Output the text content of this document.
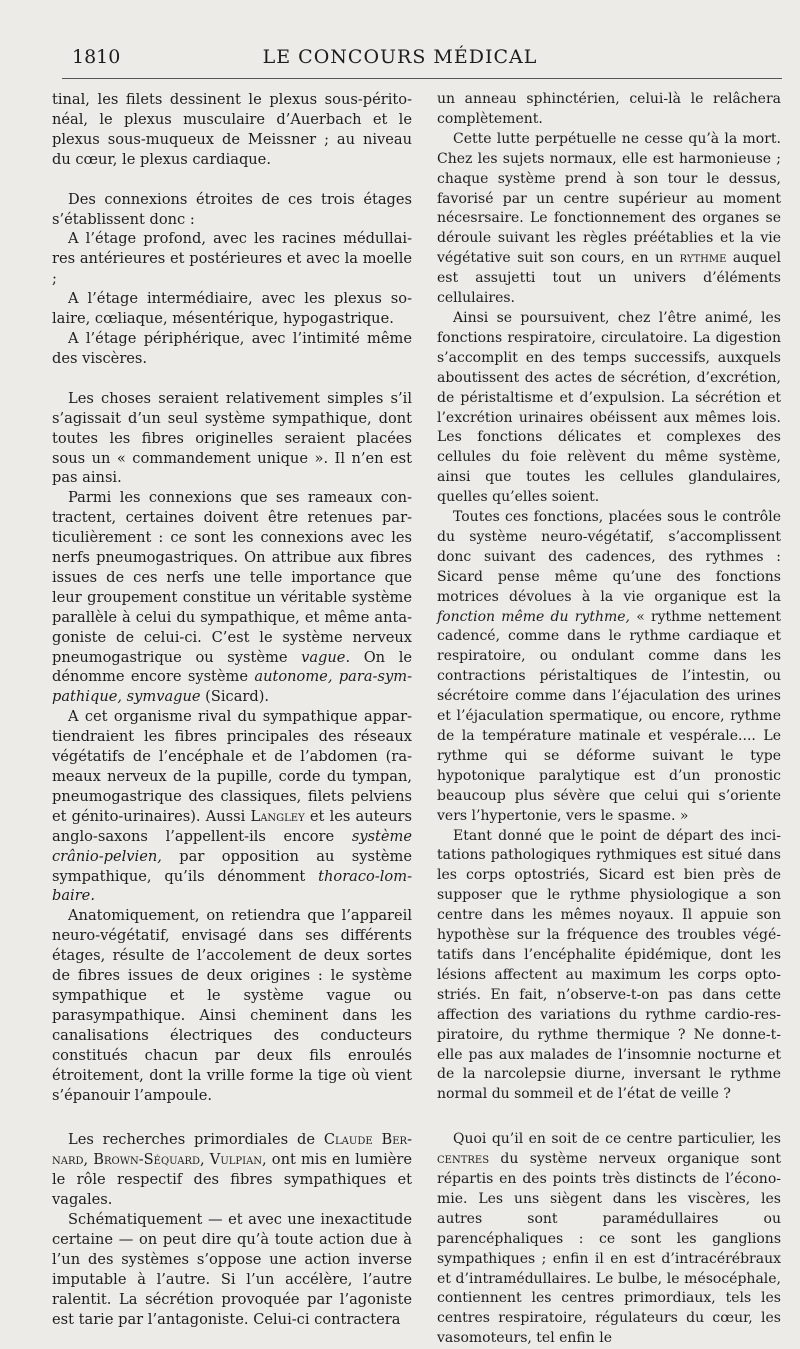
1810	LE CONCOURS MÉDICAL

tinal, les filets dessinent le plexus sous-péritonéal, le plexus musculaire d’Auerbach et le plexus sous-muqueux de Meissner ; au niveau du cœur, le plexus cardiaque.

Des connexions étroites de ces trois étages s’établissent donc :

A l’étage profond, avec les racines médullaires antérieures et postérieures et avec la moelle ;

A l’étage intermédiaire, avec les plexus solaire, cœliaque, mésentérique, hypogastrique.

A l’étage périphérique, avec l’intimité même des viscères.

Les choses seraient relativement simples s’il s’agissait d’un seul système sympathique, dont toutes les fibres originelles seraient placées sous un « commandement unique ». Il n’en est pas ainsi.

Parmi les connexions que ses rameaux contractent, certaines doivent être retenues particulièrement : ce sont les connexions avec les nerfs pneumogastriques. On attribue aux fibres issues de ces nerfs une telle importance que leur groupement constitue un véritable système parallèle à celui du sympathique, et même antagoniste de celui-ci. C’est le système nerveux pneumogastrique ou système vague. On le dénomme encore système autonome, para-sympathique, symvague (Sicard).

A cet organisme rival du sympathique appartiendraient les fibres principales des réseaux végétatifs de l’encéphale et de l’abdomen (rameaux nerveux de la pupille, corde du tympan, pneumogastrique des classiques, filets pelviens et génito-urinaires). Aussi Langley et les auteurs anglo-saxons l’appellent-ils encore système crânio-pelvien, par opposition au système sympathique, qu’ils dénomment thoraco-lombaire.

Anatomiquement, on retiendra que l’appareil neuro-végétatif, envisagé dans ses différents étages, résulte de l’accolement de deux sortes de fibres issues de deux origines : le système sympathique et le système vague ou parasympathique. Ainsi cheminent dans les canalisations électriques des conducteurs constitués chacun par deux fils enroulés étroitement, dont la vrille forme la tige où vient s’épanouir l’ampoule.

Les recherches primordiales de Claude Bernard, Brown-Séquard, Vulpian, ont mis en lumière le rôle respectif des fibres sympathiques et vagales.

Schématiquement — et avec une inexactitude certaine — on peut dire qu’à toute action due à l’un des systèmes s’oppose une action inverse imputable à l’autre. Si l’un accélère, l’autre ralentit. La sécrétion provoquée par l’agoniste est tarie par l’antagoniste. Celui-ci contractera

un anneau sphinctérien, celui-là le relâchera complètement.

Cette lutte perpétuelle ne cesse qu’à la mort. Chez les sujets normaux, elle est harmonieuse ; chaque système prend à son tour le dessus, favorisé par un centre supérieur au moment nécesrsaire. Le fonctionnement des organes se déroule suivant les règles préétablies et la vie végétative suit son cours, en un rythme auquel est assujetti tout un univers d’éléments cellulaires.

Ainsi se poursuivent, chez l’être animé, les fonctions respiratoire, circulatoire. La digestion s’accomplit en des temps successifs, auxquels aboutissent des actes de sécrétion, d’excrétion, de péristaltisme et d’expulsion. La sécrétion et l’excrétion urinaires obéissent aux mêmes lois. Les fonctions délicates et complexes des cellules du foie relèvent du même système, ainsi que toutes les cellules glandulaires, quelles qu’elles soient.

Toutes ces fonctions, placées sous le contrôle du système neuro-végétatif, s’accomplissent donc suivant des cadences, des rythmes : Sicard pense même qu’une des fonctions motrices dévolues à la vie organique est la fonction même du rythme, « rythme nettement cadencé, comme dans le rythme cardiaque et respiratoire, ou ondulant comme dans les contractions péristaltiques de l’intestin, ou sécrétoire comme dans l’éjaculation des urines et l’éjaculation spermatique, ou encore, rythme de la température matinale et vespérale.... Le rythme qui se déforme suivant le type hypotonique paralytique est d’un pronostic beaucoup plus sévère que celui qui s’oriente vers l’hypertonie, vers le spasme. »

Etant donné que le point de départ des incitations pathologiques rythmiques est situé dans les corps optostriés, Sicard est bien près de supposer que le rythme physiologique a son centre dans les mêmes noyaux. Il appuie son hypothèse sur la fréquence des troubles végétatifs dans l’encéphalite épidémique, dont les lésions affectent au maximum les corps optostriés. En fait, n’observe-t-on pas dans cette affection des variations du rythme cardio-respiratoire, du rythme thermique ? Ne donne-t-elle pas aux malades de l’insomnie nocturne et de la narcolepsie diurne, inversant le rythme normal du sommeil et de l’état de veille ?

Quoi qu’il en soit de ce centre particulier, les centres du système nerveux organique sont répartis en des points très distincts de l’économie. Les uns siègent dans les viscères, les autres sont paramédullaires ou parencéphaliques : ce sont les ganglions sympathiques ; enfin il en est d’intracérébraux et d’intramédullaires. Le bulbe, le mésocéphale, contiennent les centres primordiaux, tels les centres respiratoire, régulateurs du cœur, les vasomoteurs, tel enfin le
